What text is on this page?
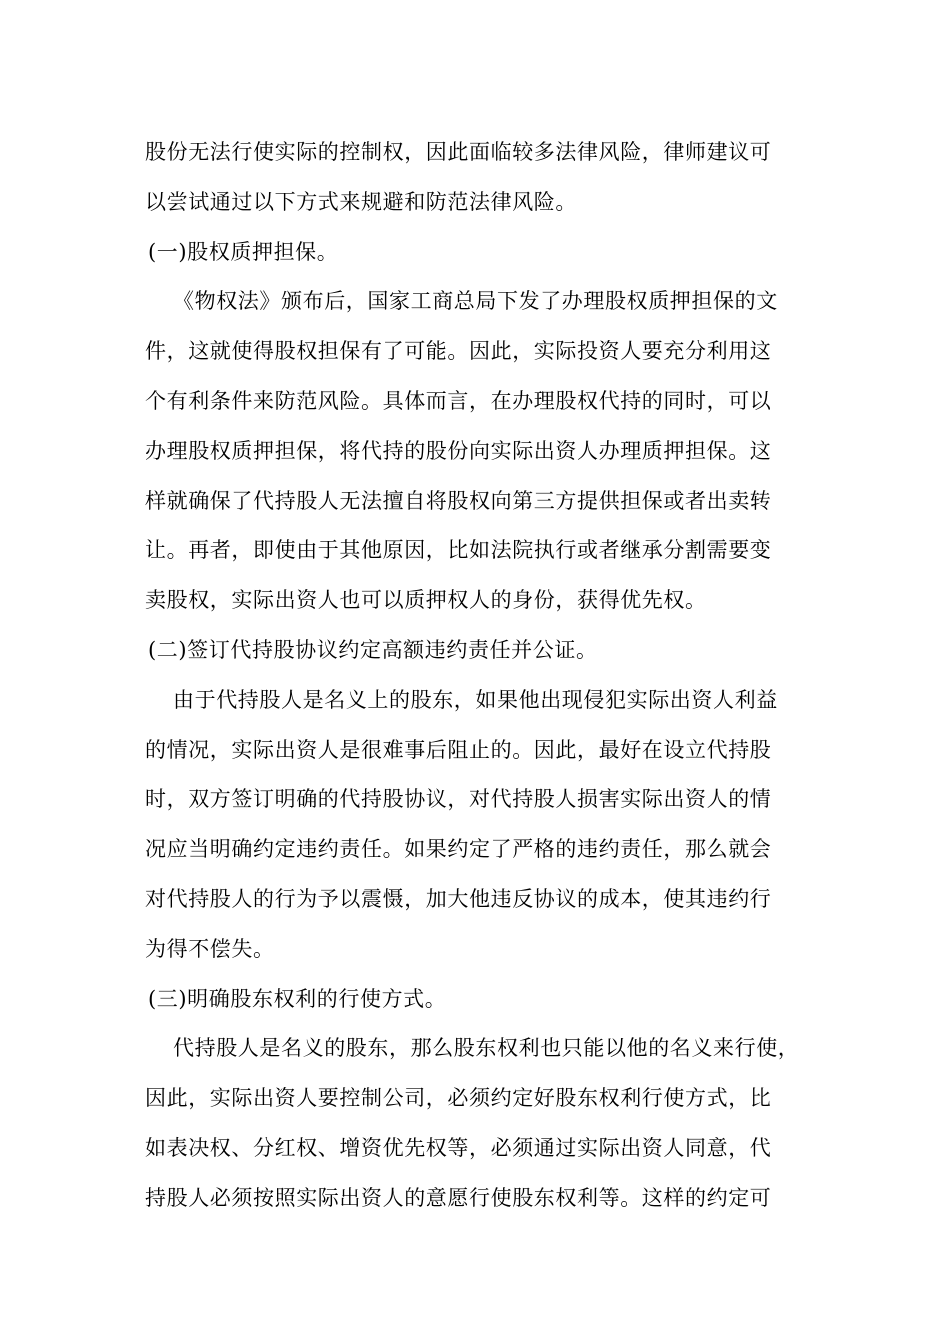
股份无法行使实际的控制权，因此面临较多法律风险，律师建议可
以尝试通过以下方式来规避和防范法律风险。
(一)股权质押担保。
《物权法》颁布后，国家工商总局下发了办理股权质押担保的文
件，这就使得股权担保有了可能。因此，实际投资人要充分利用这
个有利条件来防范风险。具体而言，在办理股权代持的同时，可以
办理股权质押担保，将代持的股份向实际出资人办理质押担保。这
样就确保了代持股人无法擅自将股权向第三方提供担保或者出卖转
让。再者，即使由于其他原因，比如法院执行或者继承分割需要变
卖股权，实际出资人也可以质押权人的身份，获得优先权。
(二)签订代持股协议约定高额违约责任并公证。
由于代持股人是名义上的股东，如果他出现侵犯实际出资人利益
的情况，实际出资人是很难事后阻止的。因此，最好在设立代持股
时，双方签订明确的代持股协议，对代持股人损害实际出资人的情
况应当明确约定违约责任。如果约定了严格的违约责任，那么就会
对代持股人的行为予以震慑，加大他违反协议的成本，使其违约行
为得不偿失。
(三)明确股东权利的行使方式。
代持股人是名义的股东，那么股东权利也只能以他的名义来行使，
因此，实际出资人要控制公司，必须约定好股东权利行使方式，比
如表决权、分红权、增资优先权等，必须通过实际出资人同意，代
持股人必须按照实际出资人的意愿行使股东权利等。这样的约定可
